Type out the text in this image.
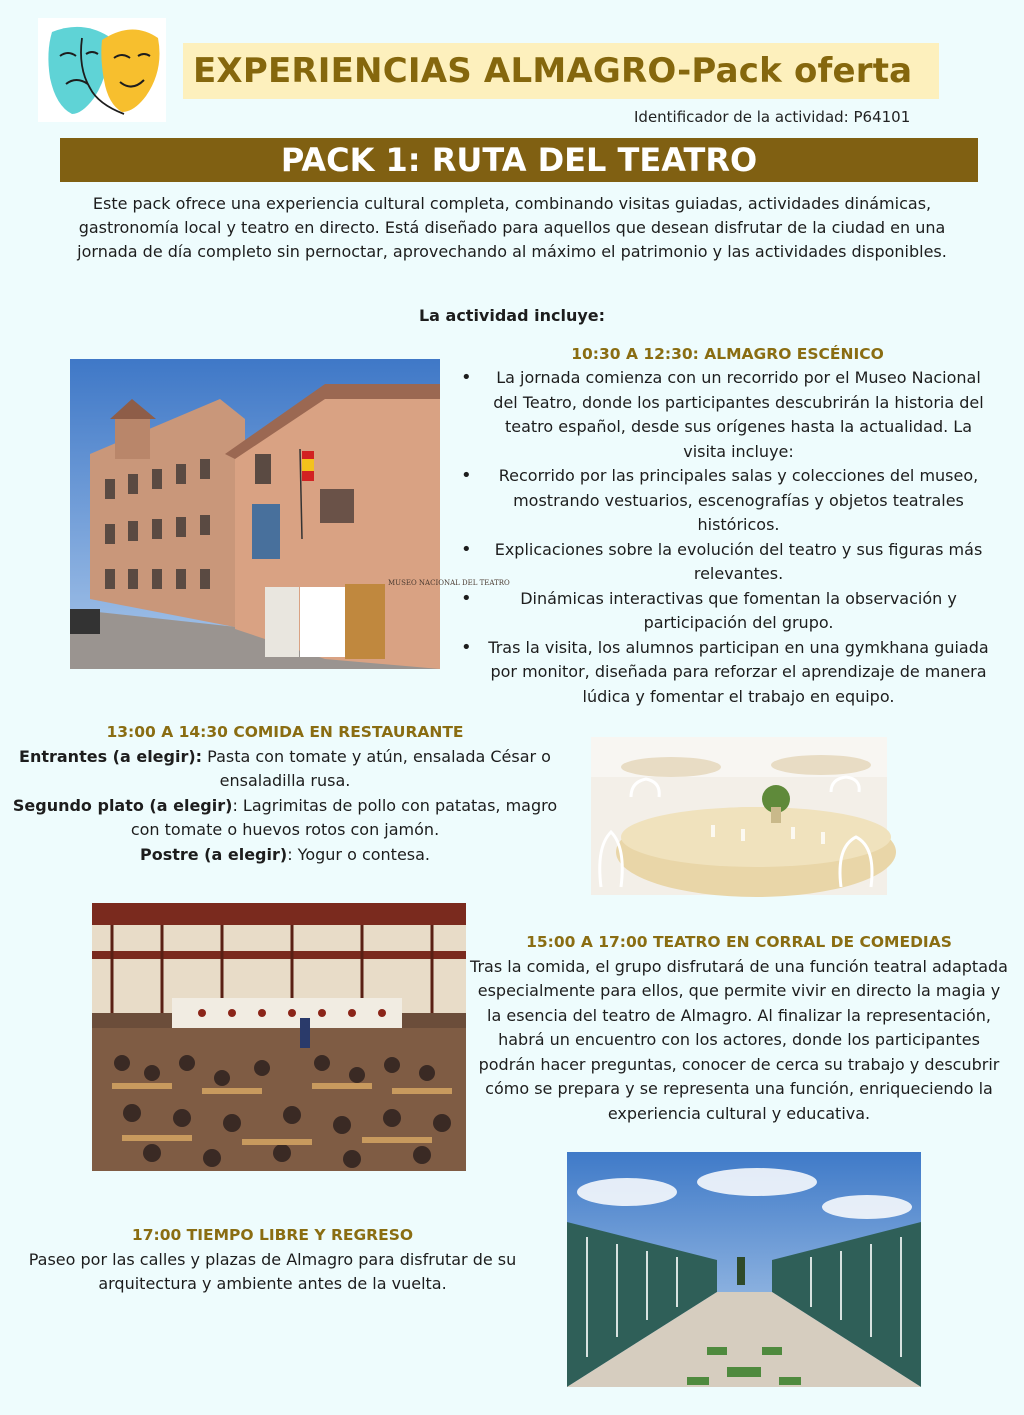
EXPERIENCIAS ALMAGRO-Pack oferta
Identificador de la actividad: P64101
PACK 1: RUTA DEL TEATRO
Este pack ofrece una experiencia cultural completa, combinando visitas guiadas, actividades dinámicas, gastronomía local y teatro en directo. Está diseñado para aquellos que desean disfrutar de la ciudad en una jornada de día completo sin pernoctar, aprovechando al máximo el patrimonio y las actividades disponibles.
La actividad incluye:
MUSEO NACIONAL DEL TEATRO
10:30 A 12:30: ALMAGRO ESCÉNICO
• La jornada comienza con un recorrido por el Museo Nacional del Teatro, donde los participantes descubrirán la historia del teatro español, desde sus orígenes hasta la actualidad. La visita incluye:
• Recorrido por las principales salas y colecciones del museo, mostrando vestuarios, escenografías y objetos teatrales históricos.
• Explicaciones sobre la evolución del teatro y sus figuras más relevantes.
•	Dinámicas interactivas que fomentan la observación y participación del grupo.
• Tras la visita, los alumnos participan en una gymkhana guiada por monitor, diseñada para reforzar el aprendizaje de manera lúdica y fomentar el trabajo en equipo.
13:00 A 14:30 COMIDA EN RESTAURANTE
Entrantes (a elegir): Pasta con tomate y atún, ensalada César o ensaladilla rusa.
Segundo plato (a elegir): Lagrimitas de pollo con patatas, magro con tomate o huevos rotos con jamón.
Postre (a elegir): Yogur o contesa.
15:00 A 17:00 TEATRO EN CORRAL DE COMEDIAS
Tras la comida, el grupo disfrutará de una función teatral adaptada especialmente para ellos, que permite vivir en directo la magia y la esencia del teatro de Almagro. Al finalizar la representación, habrá un encuentro con los actores, donde los participantes podrán hacer preguntas, conocer de cerca su trabajo y descubrir cómo se prepara y se representa una función, enriqueciendo la experiencia cultural y educativa.
17:00 TIEMPO LIBRE Y REGRESO
Paseo por las calles y plazas de Almagro para disfrutar de su arquitectura y ambiente antes de la vuelta.
